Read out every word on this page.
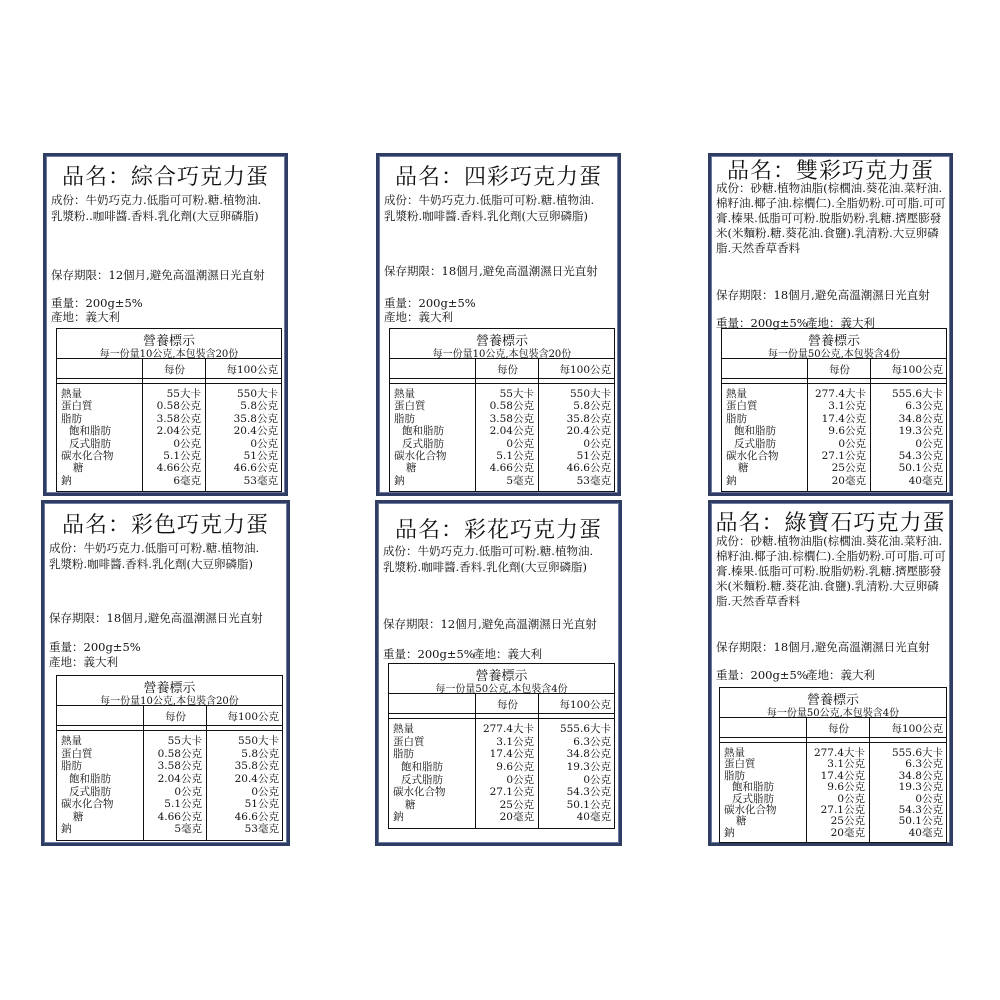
品名：綜合巧克力蛋
成份：牛奶巧克力.低脂可可粉.糖.植物油.
乳漿粉..咖啡醬.香料.乳化劑(大豆卵磷脂)
保存期限：12個月,避免高溫潮濕日光直射
重量：200g±5%
產地：義大利
營養標示
每一份量10公克,本包裝含20份
每份	每100公克
熱量	55大卡	550大卡
蛋白質	0.58公克	5.8公克
脂肪	3.58公克	35.8公克
飽和脂肪	2.04公克	20.4公克
反式脂肪	0公克	0公克
碳水化合物	5.1公克	51公克
糖	4.66公克	46.6公克
鈉	6毫克	53毫克
品名：四彩巧克力蛋
成份：牛奶巧克力.低脂可可粉.糖.植物油.
乳漿粉.咖啡醬.香料.乳化劑(大豆卵磷脂)
保存期限：18個月,避免高溫潮濕日光直射
重量：200g±5%
產地：義大利
營養標示
每一份量10公克,本包裝含20份
每份	每100公克
熱量	55大卡	550大卡
蛋白質	0.58公克	5.8公克
脂肪	3.58公克	35.8公克
飽和脂肪	2.04公克	20.4公克
反式脂肪	0公克	0公克
碳水化合物	5.1公克	51公克
糖	4.66公克	46.6公克
鈉	5毫克	53毫克
品名：雙彩巧克力蛋
成份：砂糖.植物油脂(棕櫚油.葵花油.菜籽油.
棉籽油.椰子油.棕櫚仁).全脂奶粉.可可脂.可可
膏.榛果.低脂可可粉.脫脂奶粉.乳糖.擠壓膨發
米(米麵粉.糖.葵花油.食鹽).乳清粉.大豆卵磷
脂.天然香草香料
保存期限：18個月,避免高溫潮濕日光直射
重量：200g±5%
產地：義大利
營養標示
每一份量50公克,本包裝含4份
每份	每100公克
熱量	277.4大卡 555.6大卡
蛋白質	3.1公克	6.3公克
脂肪	17.4公克	34.8公克
飽和脂肪	9.6公克	19.3公克
反式脂肪	0公克	0公克
碳水化合物	27.1公克	54.3公克
糖	25公克	50.1公克
鈉	20毫克	40毫克
品名：彩色巧克力蛋
成份：牛奶巧克力.低脂可可粉.糖.植物油.
乳漿粉.咖啡醬.香料.乳化劑(大豆卵磷脂)
保存期限：18個月,避免高溫潮濕日光直射
重量：200g±5%
產地：義大利
營養標示
每一份量10公克,本包裝含20份
每份	每100公克
熱量	55大卡	550大卡
蛋白質	0.58公克	5.8公克
脂肪	3.58公克	35.8公克
飽和脂肪	2.04公克	20.4公克
反式脂肪	0公克	0公克
碳水化合物	5.1公克	51公克
糖	4.66公克	46.6公克
鈉	5毫克	53毫克
品名：彩花巧克力蛋
成份：牛奶巧克力.低脂可可粉.糖.植物油.
乳漿粉.咖啡醬.香料.乳化劑(大豆卵磷脂)
保存期限：12個月,避免高溫潮濕日光直射
重量：200g±5%
產地：義大利
營養標示
每一份量50公克,本包裝含4份
每份	每100公克
熱量	277.4大卡 555.6大卡
蛋白質	3.1公克	6.3公克
脂肪	17.4公克	34.8公克
飽和脂肪	9.6公克	19.3公克
反式脂肪	0公克	0公克
碳水化合物	27.1公克	54.3公克
糖	25公克	50.1公克
鈉	20毫克	40毫克
品名：綠寶石巧克力蛋
成份：砂糖.植物油脂(棕櫚油.葵花油.菜籽油.
棉籽油.椰子油.棕櫚仁).全脂奶粉.可可脂.可可
膏.榛果.低脂可可粉.脫脂奶粉.乳糖.擠壓膨發
米(米麵粉.糖.葵花油.食鹽).乳清粉.大豆卵磷
脂.天然香草香料
保存期限：18個月,避免高溫潮濕日光直射
重量：200g±5%
產地：義大利
營養標示
每一份量50公克,本包裝含4份
每份	每100公克
熱量	277.4大卡	555.6大卡
蛋白質	3.1公克	6.3公克
脂肪	17.4公克	34.8公克
飽和脂肪	9.6公克	19.3公克
反式脂肪	0公克	0公克
碳水化合物	27.1公克	54.3公克
糖	25公克	50.1公克
鈉	20毫克	40毫克
